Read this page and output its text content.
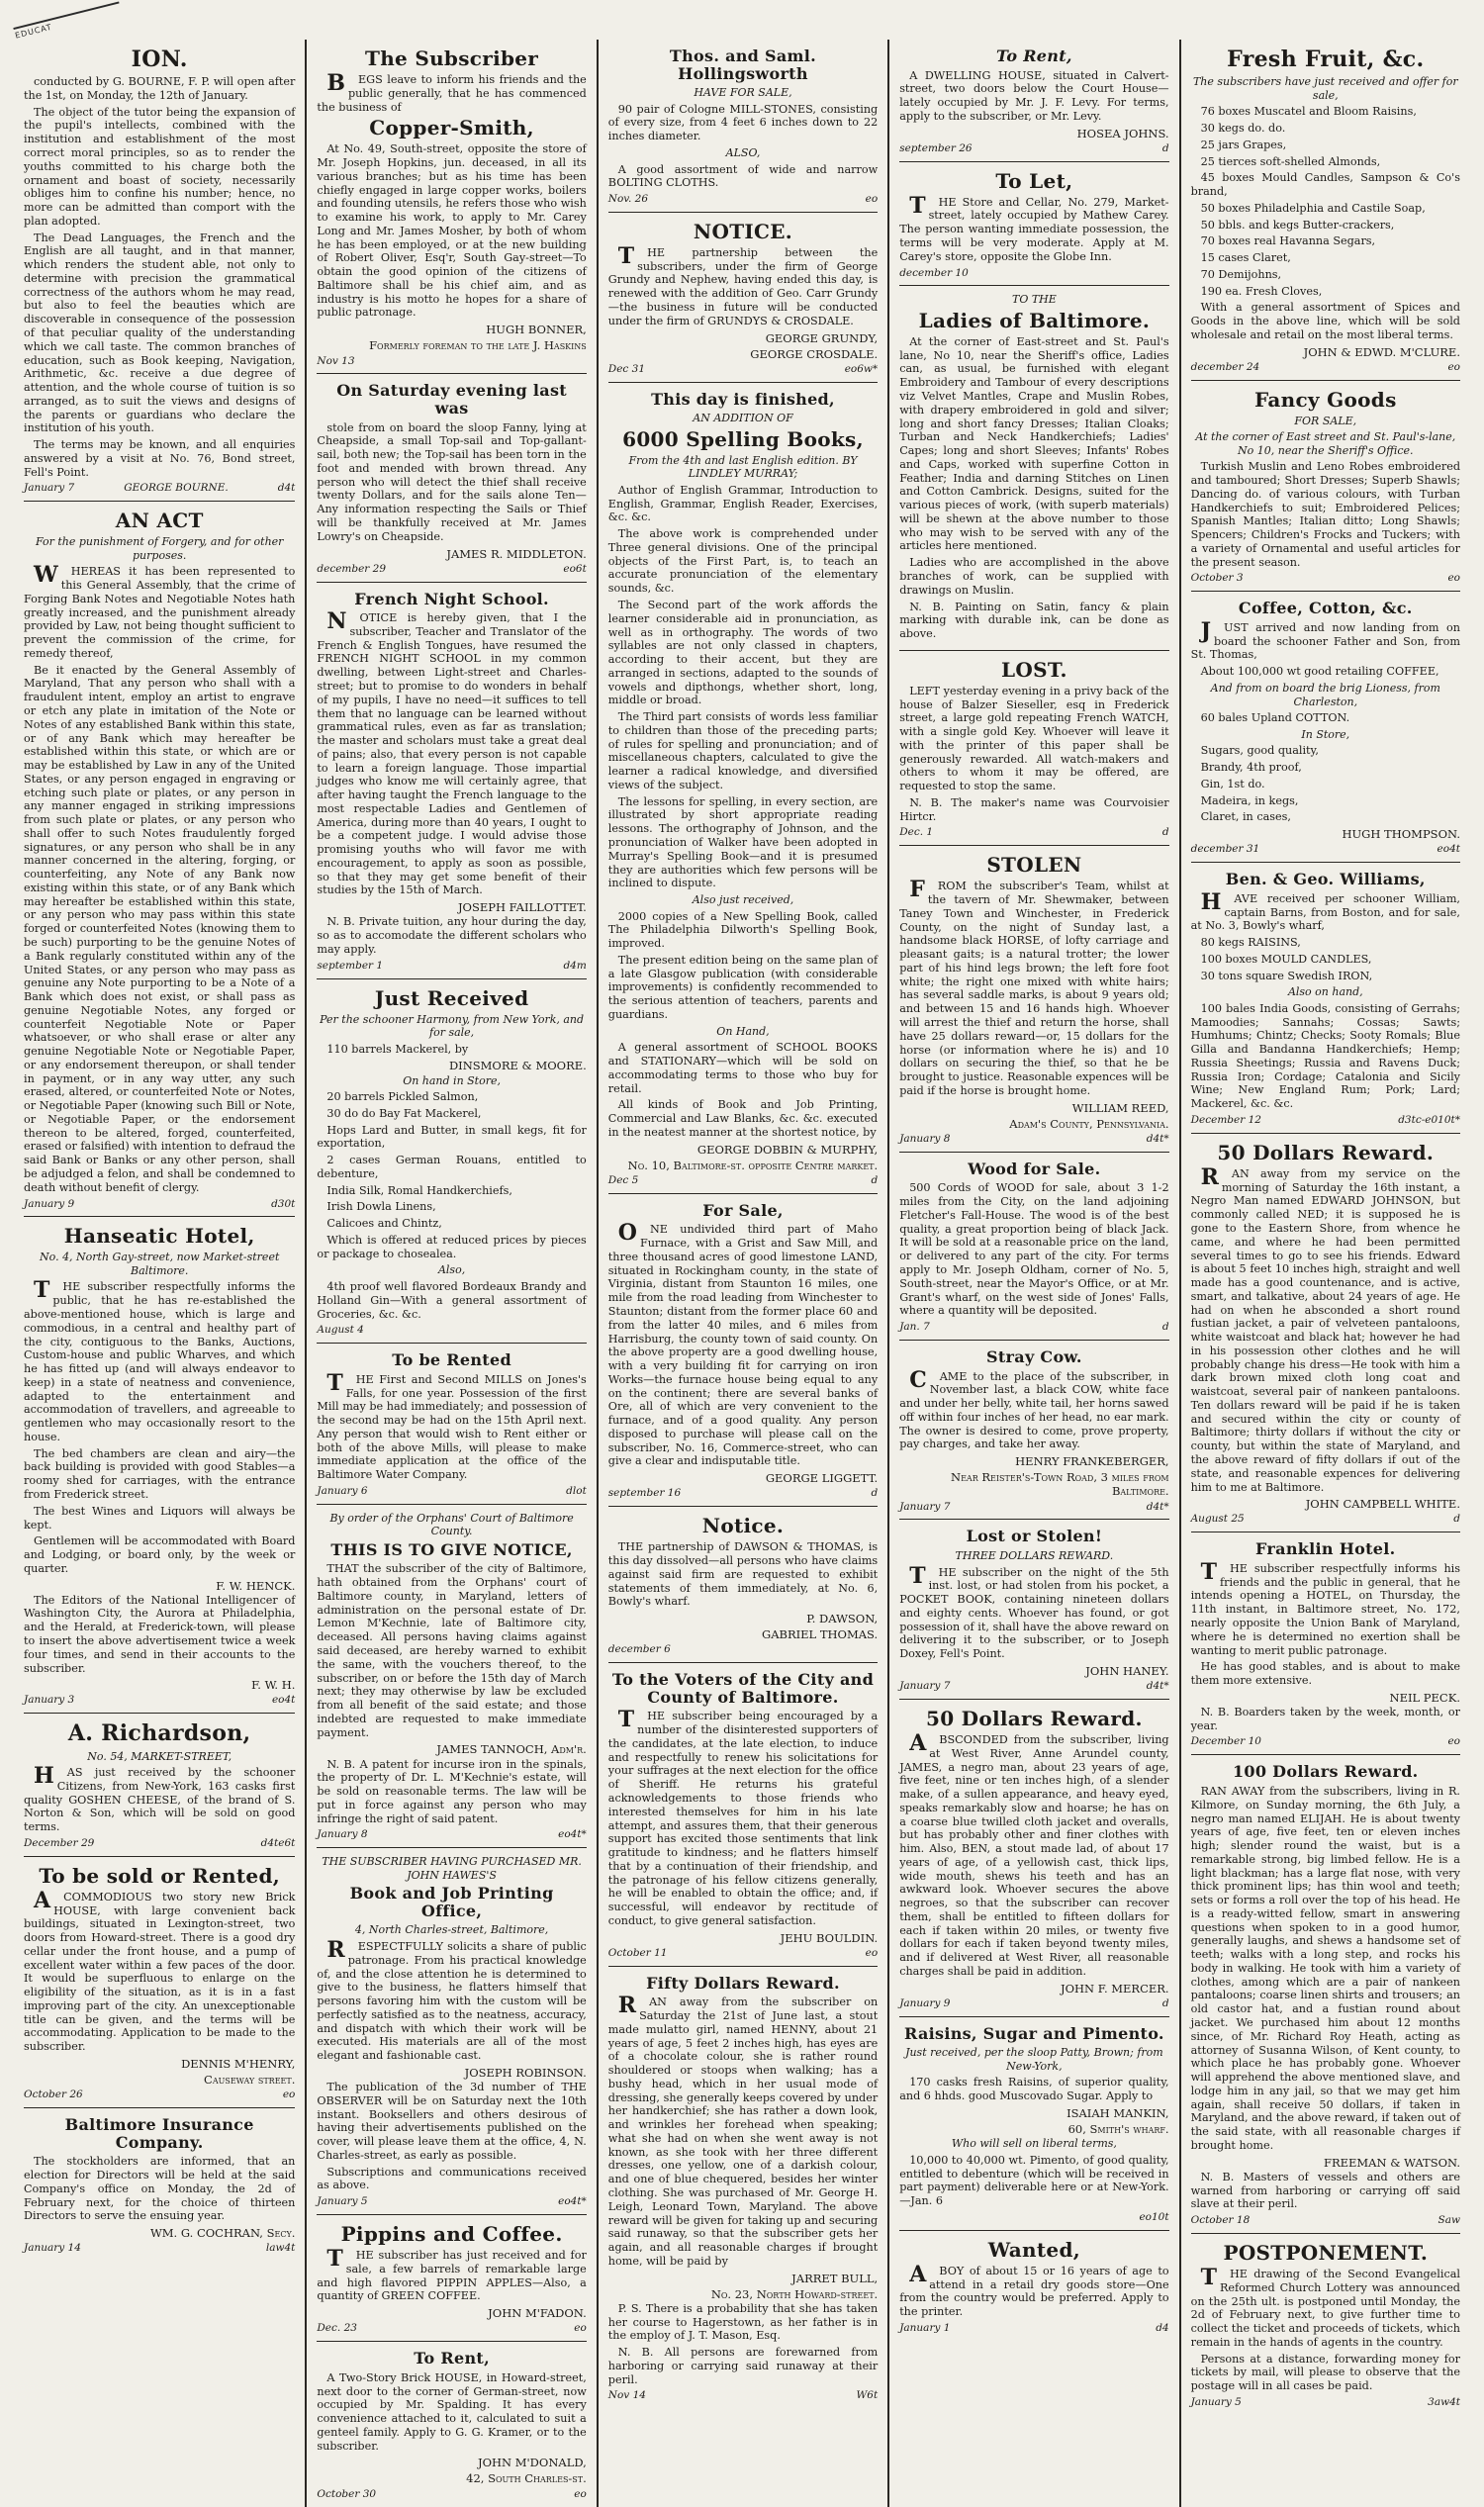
EDUCAT
ION.

conducted by G. BOURNE, F. P. will open after the 1st, on Monday, the 12th of January.

The object of the tutor being the expansion of the pupil's intellects, combined with the institution and establishment of the most correct moral principles, so as to render the youths committed to his charge both the ornament and boast of society, necessarily obliges him to confine his number; hence, no more can be admitted than comport with the plan adopted.

The Dead Languages, the French and the English are all taught, and in that manner, which renders the student able, not only to determine with precision the grammatical correctness of the authors whom he may read, but also to feel the beauties which are discoverable in consequence of the possession of that peculiar quality of the understanding which we call taste. The common branches of education, such as Book keeping, Navigation, Arithmetic, &c. receive a due degree of attention, and the whole course of tuition is so arranged, as to suit the views and designs of the parents or guardians who declare the institution of his youth.

The terms may be known, and all enquiries answered by a visit at No. 76, Bond street, Fell's Point.

January 7	GEORGE BOURNE.	d4t
AN ACT
For the punishment of Forgery, and for other purposes.

WHEREAS it has been represented to this General Assembly, that the crime of Forging Bank Notes and Negotiable Notes hath greatly increased, and the punishment already provided by Law, not being thought sufficient to prevent the commission of the crime, for remedy thereof,

Be it enacted by the General Assembly of Maryland, That any person who shall with a fraudulent intent, employ an artist to engrave or etch any plate in imitation of the Note or Notes of any established Bank within this state, or of any Bank which may hereafter be established within this state, or which are or may be established by Law in any of the United States, or any person engaged in engraving or etching such plate or plates, or any person in any manner engaged in striking impressions from such plate or plates, or any person who shall offer to such Notes fraudulently forged signatures, or any person who shall be in any manner concerned in the altering, forging, or counterfeiting, any Note of any Bank now existing within this state, or of any Bank which may hereafter be established within this state, or any person who may pass within this state forged or counterfeited Notes (knowing them to be such) purporting to be the genuine Notes of a Bank regularly constituted within any of the United States, or any person who may pass as genuine any Note purporting to be a Note of a Bank which does not exist, or shall pass as genuine Negotiable Notes, any forged or counterfeit Negotiable Note or Paper whatsoever, or who shall erase or alter any genuine Negotiable Note or Negotiable Paper, or any endorsement thereupon, or shall tender in payment, or in any way utter, any such erased, altered, or counterfeited Note or Notes, or Negotiable Paper (knowing such Bill or Note, or Negotiable Paper, or the endorsement thereon to be altered, forged, counterfeited, erased or falsified) with intention to defraud the said Bank or Banks or any other person, shall be adjudged a felon, and shall be condemned to death without benefit of clergy.

January 9	d30t
Hanseatic Hotel,
No. 4, North Gay-street, now Market-street Baltimore.

THE subscriber respectfully informs the public, that he has re-established the above-mentioned house, which is large and commodious, in a central and healthy part of the city, contiguous to the Banks, Auctions, Custom-house and public Wharves, and which he has fitted up (and will always endeavor to keep) in a state of neatness and convenience, adapted to the entertainment and accommodation of travellers, and agreeable to gentlemen who may occasionally resort to the house.

The bed chambers are clean and airy—the back building is provided with good Stables—a roomy shed for carriages, with the entrance from Frederick street.

The best Wines and Liquors will always be kept.

Gentlemen will be accommodated with Board and Lodging, or board only, by the week or quarter.

F. W. HENCK.

The Editors of the National Intelligencer of Washington City, the Aurora at Philadelphia, and the Herald, at Frederick-town, will please to insert the above advertisement twice a week four times, and send in their accounts to the subscriber.

F. W. H.
January 3	eo4t
A. Richardson,
No. 54, MARKET-STREET,

HAS just received by the schooner Citizens, from New-York, 163 casks first quality GOSHEN CHEESE, of the brand of S. Norton & Son, which will be sold on good terms.

December 29	d4te6t
To be sold or Rented,

ACOMMODIOUS two story new Brick HOUSE, with large convenient back buildings, situated in Lexington-street, two doors from Howard-street. There is a good dry cellar under the front house, and a pump of excellent water within a few paces of the door. It would be superfluous to enlarge on the eligibility of the situation, as it is in a fast improving part of the city. An unexceptionable title can be given, and the terms will be accommodating. Application to be made to the subscriber.

DENNIS M'HENRY,
Causeway street.
October 26	eo
Baltimore Insurance Company.

The stockholders are informed, that an election for Directors will be held at the said Company's office on Monday, the 2d of February next, for the choice of thirteen Directors to serve the ensuing year.

WM. G. COCHRAN, Secy.
January 14	law4t
The Subscriber

BEGS leave to inform his friends and the public generally, that he has commenced the business of

Copper-Smith,

At No. 49, South-street, opposite the store of Mr. Joseph Hopkins, jun. deceased, in all its various branches; but as his time has been chiefly engaged in large copper works, boilers and founding utensils, he refers those who wish to examine his work, to apply to Mr. Carey Long and Mr. James Mosher, by both of whom he has been employed, or at the new building of Robert Oliver, Esq'r, South Gay-street—To obtain the good opinion of the citizens of Baltimore shall be his chief aim, and as industry is his motto he hopes for a share of public patronage.

HUGH BONNER,
Formerly foreman to the late J. Haskins
Nov 13
On Saturday evening last was

stole from on board the sloop Fanny, lying at Cheapside, a small Top-sail and Top-gallant-sail, both new; the Top-sail has been torn in the foot and mended with brown thread. Any person who will detect the thief shall receive twenty Dollars, and for the sails alone Ten—Any information respecting the Sails or Thief will be thankfully received at Mr. James Lowry's on Cheapside.

JAMES R. MIDDLETON.
december 29	eo6t
French Night School.

NOTICE is hereby given, that I the subscriber, Teacher and Translator of the French & English Tongues, have resumed the FRENCH NIGHT SCHOOL in my common dwelling, between Light-street and Charles-street; but to promise to do wonders in behalf of my pupils, I have no need—it suffices to tell them that no language can be learned without grammatical rules, even as far as translation; the master and scholars must take a great deal of pains; also, that every person is not capable to learn a foreign language. Those impartial judges who know me will certainly agree, that after having taught the French language to the most respectable Ladies and Gentlemen of America, during more than 40 years, I ought to be a competent judge. I would advise those promising youths who will favor me with encouragement, to apply as soon as possible, so that they may get some benefit of their studies by the 15th of March.

JOSEPH FAILLOTTET.

N. B. Private tuition, any hour during the day, so as to accomodate the different scholars who may apply.

september 1	d4m
Just Received
Per the schooner Harmony, from New York, and for sale,

110 barrels Mackerel, by

DINSMORE & MOORE.
On hand in Store,

20 barrels Pickled Salmon,

30 do do Bay Fat Mackerel,

Hops Lard and Butter, in small kegs, fit for exportation,

2 cases German Rouans, entitled to debenture,

India Silk, Romal Handkerchiefs,

Irish Dowla Linens,

Calicoes and Chintz,

Which is offered at reduced prices by pieces or package to chosealea.

Also,

4th proof well flavored Bordeaux Brandy and Holland Gin—With a general assortment of Groceries, &c. &c.

August 4
To be Rented

THE First and Second MILLS on Jones's Falls, for one year. Possession of the first Mill may be had immediately; and possession of the second may be had on the 15th April next. Any person that would wish to Rent either or both of the above Mills, will please to make immediate application at the office of the Baltimore Water Company.

January 6	dlot
By order of the Orphans' Court of Baltimore County.
THIS IS TO GIVE NOTICE,

THAT the subscriber of the city of Baltimore, hath obtained from the Orphans' court of Baltimore county, in Maryland, letters of administration on the personal estate of Dr. Lemon M'Kechnie, late of Baltimore city, deceased. All persons having claims against said deceased, are hereby warned to exhibit the same, with the vouchers thereof, to the subscriber, on or before the 15th day of March next; they may otherwise by law be excluded from all benefit of the said estate; and those indebted are requested to make immediate payment.

JAMES TANNOCH, Adm'r.

N. B. A patent for incurse iron in the spinals, the property of Dr. L. M'Kechnie's estate, will be sold on reasonable terms. The law will be put in force against any person who may infringe the right of said patent.

January 8	eo4t*
THE SUBSCRIBER HAVING PURCHASED MR. JOHN HAWES'S
Book and Job Printing Office,
4, North Charles-street, Baltimore,

RESPECTFULLY solicits a share of public patronage. From his practical knowledge of, and the close attention he is determined to give to the business, he flatters himself that persons favoring him with the custom will be perfectly satisfied as to the neatness, accuracy, and dispatch with which their work will be executed. His materials are all of the most elegant and fashionable cast.

JOSEPH ROBINSON.

The publication of the 3d number of THE OBSERVER will be on Saturday next the 10th instant. Booksellers and others desirous of having their advertisements published on the cover, will please leave them at the office, 4, N. Charles-street, as early as possible.

Subscriptions and communications received as above.

January 5	eo4t*
Pippins and Coffee.

THE subscriber has just received and for sale, a few barrels of remarkable large and high flavored PIPPIN APPLES—Also, a quantity of GREEN COFFEE.

JOHN M'FADON.
Dec. 23	eo
To Rent,

A Two-Story Brick HOUSE, in Howard-street, next door to the corner of German-street, now occupied by Mr. Spalding. It has every convenience attached to it, calculated to suit a genteel family. Apply to G. G. Kramer, or to the subscriber.

JOHN M'DONALD,
42, South Charles-st.
October 30	eo
Thos. and Saml. Hollingsworth
HAVE FOR SALE,

90 pair of Cologne MILL-STONES, consisting of every size, from 4 feet 6 inches down to 22 inches diameter.

ALSO,

A good assortment of wide and narrow BOLTING CLOTHS.

Nov. 26	eo
NOTICE.

THE partnership between the subscribers, under the firm of George Grundy and Nephew, having ended this day, is renewed with the addition of Geo. Carr Grundy—the business in future will be conducted under the firm of GRUNDYS & CROSDALE.

GEORGE GRUNDY,
GEORGE CROSDALE.
Dec 31	eo6w*
This day is finished,
AN ADDITION OF
6000 Spelling Books,
From the 4th and last English edition. BY LINDLEY MURRAY;

Author of English Grammar, Introduction to English, Grammar, English Reader, Exercises, &c. &c.

The above work is comprehended under Three general divisions. One of the principal objects of the First Part, is, to teach an accurate pronunciation of the elementary sounds, &c.

The Second part of the work affords the learner considerable aid in pronunciation, as well as in orthography. The words of two syllables are not only classed in chapters, according to their accent, but they are arranged in sections, adapted to the sounds of vowels and dipthongs, whether short, long, middle or broad.

The Third part consists of words less familiar to children than those of the preceding parts; of rules for spelling and pronunciation; and of miscellaneous chapters, calculated to give the learner a radical knowledge, and diversified views of the subject.

The lessons for spelling, in every section, are illustrated by short appropriate reading lessons. The orthography of Johnson, and the pronunciation of Walker have been adopted in Murray's Spelling Book—and it is presumed they are authorities which few persons will be inclined to dispute.

Also just received,

2000 copies of a New Spelling Book, called The Philadelphia Dilworth's Spelling Book, improved.

The present edition being on the same plan of a late Glasgow publication (with considerable improvements) is confidently recommended to the serious attention of teachers, parents and guardians.

On Hand,

A general assortment of SCHOOL BOOKS and STATIONARY—which will be sold on accommodating terms to those who buy for retail.

All kinds of Book and Job Printing, Commercial and Law Blanks, &c. &c. executed in the neatest manner at the shortest notice, by

GEORGE DOBBIN & MURPHY,
No. 10, Baltimore-st. opposite Centre market.
Dec 5	d
For Sale,

ONE undivided third part of Maho Furnace, with a Grist and Saw Mill, and three thousand acres of good limestone LAND, situated in Rockingham county, in the state of Virginia, distant from Staunton 16 miles, one mile from the road leading from Winchester to Staunton; distant from the former place 60 and from the latter 40 miles, and 6 miles from Harrisburg, the county town of said county. On the above property are a good dwelling house, with a very building fit for carrying on iron Works—the furnace house being equal to any on the continent; there are several banks of Ore, all of which are very convenient to the furnace, and of a good quality. Any person disposed to purchase will please call on the subscriber, No. 16, Commerce-street, who can give a clear and indisputable title.

GEORGE LIGGETT.
september 16	d
Notice.

THE partnership of DAWSON & THOMAS, is this day dissolved—all persons who have claims against said firm are requested to exhibit statements of them immediately, at No. 6, Bowly's wharf.

P. DAWSON,
GABRIEL THOMAS.
december 6
To the Voters of the City and County of Baltimore.

THE subscriber being encouraged by a number of the disinterested supporters of the candidates, at the late election, to induce and respectfully to renew his solicitations for your suffrages at the next election for the office of Sheriff. He returns his grateful acknowledgements to those friends who interested themselves for him in his late attempt, and assures them, that their generous support has excited those sentiments that link gratitude to kindness; and he flatters himself that by a continuation of their friendship, and the patronage of his fellow citizens generally, he will be enabled to obtain the office; and, if successful, will endeavor by rectitude of conduct, to give general satisfaction.

JEHU BOULDIN.
October 11	eo
Fifty Dollars Reward.

RAN away from the subscriber on Saturday the 21st of June last, a stout made mulatto girl, named HENNY, about 21 years of age, 5 feet 2 inches high, has eyes are of a chocolate colour, she is rather round shouldered or stoops when walking; has a bushy head, which in her usual mode of dressing, she generally keeps covered by under her handkerchief; she has rather a down look, and wrinkles her forehead when speaking; what she had on when she went away is not known, as she took with her three different dresses, one yellow, one of a darkish colour, and one of blue chequered, besides her winter clothing. She was purchased of Mr. George H. Leigh, Leonard Town, Maryland. The above reward will be given for taking up and securing said runaway, so that the subscriber gets her again, and all reasonable charges if brought home, will be paid by

JARRET BULL,
No. 23, North Howard-street.

P. S. There is a probability that she has taken her course to Hagerstown, as her father is in the employ of J. T. Mason, Esq.

N. B. All persons are forewarned from harboring or carrying said runaway at their peril.

Nov 14	W6t
To Rent,

A DWELLING HOUSE, situated in Calvert-street, two doors below the Court House—lately occupied by Mr. J. F. Levy. For terms, apply to the subscriber, or Mr. Levy.

HOSEA JOHNS.
september 26	d
To Let,

THE Store and Cellar, No. 279, Market-street, lately occupied by Mathew Carey. The person wanting immediate possession, the terms will be very moderate. Apply at M. Carey's store, opposite the Globe Inn.

december 10
TO THE
Ladies of Baltimore.

At the corner of East-street and St. Paul's lane, No 10, near the Sheriff's office, Ladies can, as usual, be furnished with elegant Embroidery and Tambour of every descriptions viz Velvet Mantles, Crape and Muslin Robes, with drapery embroidered in gold and silver; long and short fancy Dresses; Italian Cloaks; Turban and Neck Handkerchiefs; Ladies' Capes; long and short Sleeves; Infants' Robes and Caps, worked with superfine Cotton in Feather; India and darning Stitches on Linen and Cotton Cambrick. Designs, suited for the various pieces of work, (with superb materials) will be shewn at the above number to those who may wish to be served with any of the articles here mentioned.

Ladies who are accomplished in the above branches of work, can be supplied with drawings on Muslin.

N. B. Painting on Satin, fancy & plain marking with durable ink, can be done as above.

LOST.

LEFT yesterday evening in a privy back of the house of Balzer Sieseller, esq in Frederick street, a large gold repeating French WATCH, with a single gold Key. Whoever will leave it with the printer of this paper shall be generously rewarded. All watch-makers and others to whom it may be offered, are requested to stop the same.

N. B. The maker's name was Courvoisier Hirtcr.

Dec. 1	d
STOLEN

FROM the subscriber's Team, whilst at the tavern of Mr. Shewmaker, between Taney Town and Winchester, in Frederick County, on the night of Sunday last, a handsome black HORSE, of lofty carriage and pleasant gaits; is a natural trotter; the lower part of his hind legs brown; the left fore foot white; the right one mixed with white hairs; has several saddle marks, is about 9 years old; and between 15 and 16 hands high. Whoever will arrest the thief and return the horse, shall have 25 dollars reward—or, 15 dollars for the horse (or information where he is) and 10 dollars on securing the thief, so that he be brought to justice. Reasonable expences will be paid if the horse is brought home.

WILLIAM REED,
Adam's County, Pennsylvania.
January 8	d4t*
Wood for Sale.

500 Cords of WOOD for sale, about 3 1-2 miles from the City, on the land adjoining Fletcher's Fall-House. The wood is of the best quality, a great proportion being of black Jack. It will be sold at a reasonable price on the land, or delivered to any part of the city. For terms apply to Mr. Joseph Oldham, corner of No. 5, South-street, near the Mayor's Office, or at Mr. Grant's wharf, on the west side of Jones' Falls, where a quantity will be deposited.

Jan. 7	d
Stray Cow.

CAME to the place of the subscriber, in November last, a black COW, white face and under her belly, white tail, her horns sawed off within four inches of her head, no ear mark. The owner is desired to come, prove property, pay charges, and take her away.

HENRY FRANKEBERGER,
Near Reister's-Town Road, 3 miles from Baltimore.
January 7	d4t*
Lost or Stolen!
THREE DOLLARS REWARD.

THE subscriber on the night of the 5th inst. lost, or had stolen from his pocket, a POCKET BOOK, containing nineteen dollars and eighty cents. Whoever has found, or got possession of it, shall have the above reward on delivering it to the subscriber, or to Joseph Doxey, Fell's Point.

JOHN HANEY.
January 7	d4t*
50 Dollars Reward.

ABSCONDED from the subscriber, living at West River, Anne Arundel county, JAMES, a negro man, about 23 years of age, five feet, nine or ten inches high, of a slender make, of a sullen appearance, and heavy eyed, speaks remarkably slow and hoarse; he has on a coarse blue twilled cloth jacket and overalls, but has probably other and finer clothes with him. Also, BEN, a stout made lad, of about 17 years of age, of a yellowish cast, thick lips, wide mouth, shews his teeth and has an awkward look. Whoever secures the above negroes, so that the subscriber can recover them, shall be entitled to fifteen dollars for each if taken within 20 miles, or twenty five dollars for each if taken beyond twenty miles, and if delivered at West River, all reasonable charges shall be paid in addition.

JOHN F. MERCER.
January 9	d
Raisins, Sugar and Pimento.
Just received, per the sloop Patty, Brown; from New-York,

170 casks fresh Raisins, of superior quality, and 6 hhds. good Muscovado Sugar. Apply to

ISAIAH MANKIN,
60, Smith's wharf.
Who will sell on liberal terms,

10,000 to 40,000 wt. Pimento, of good quality, entitled to debenture (which will be received in part payment) deliverable here or at New-York.—Jan. 6

eo10t
Wanted,

ABOY of about 15 or 16 years of age to attend in a retail dry goods store—One from the country would be preferred. Apply to the printer.

January 1	d4
Fresh Fruit, &c.
The subscribers have just received and offer for sale,

76 boxes Muscatel and Bloom Raisins,

30 kegs do. do.

25 jars Grapes,

25 tierces soft-shelled Almonds,

45 boxes Mould Candles, Sampson & Co's brand,

50 boxes Philadelphia and Castile Soap,

50 bbls. and kegs Butter-crackers,

70 boxes real Havanna Segars,

15 cases Claret,

70 Demijohns,

190 ea. Fresh Cloves,

With a general assortment of Spices and Goods in the above line, which will be sold wholesale and retail on the most liberal terms.

JOHN & EDWD. M'CLURE.
december 24	eo
Fancy Goods
FOR SALE,
At the corner of East street and St. Paul's-lane, No 10, near the Sheriff's Office.

Turkish Muslin and Leno Robes embroidered and tamboured; Short Dresses; Superb Shawls; Dancing do. of various colours, with Turban Handkerchiefs to suit; Embroidered Pelices; Spanish Mantles; Italian ditto; Long Shawls; Spencers; Children's Frocks and Tuckers; with a variety of Ornamental and useful articles for the present season.

October 3	eo
Coffee, Cotton, &c.

JUST arrived and now landing from on board the schooner Father and Son, from St. Thomas,

About 100,000 wt good retailing COFFEE,

And from on board the brig Lioness, from Charleston,

60 bales Upland COTTON.

In Store,

Sugars, good quality,

Brandy, 4th proof,

Gin, 1st do.

Madeira, in kegs,

Claret, in cases,

HUGH THOMPSON.
december 31	eo4t
Ben. & Geo. Williams,

HAVE received per schooner William, captain Barns, from Boston, and for sale, at No. 3, Bowly's wharf,

80 kegs RAISINS,

100 boxes MOULD CANDLES,

30 tons square Swedish IRON,

Also on hand,

100 bales India Goods, consisting of Gerrahs; Mamoodies; Sannahs; Cossas; Sawts; Humhums; Chintz; Checks; Sooty Romals; Blue Gilla and Bandanna Handkerchiefs; Hemp; Russia Sheetings; Russia and Ravens Duck; Russia Iron; Cordage; Catalonia and Sicily Wine; New England Rum; Pork; Lard; Mackerel, &c. &c.

December 12	d3tc-e010t*
50 Dollars Reward.

RAN away from my service on the morning of Saturday the 16th instant, a Negro Man named EDWARD JOHNSON, but commonly called NED; it is supposed he is gone to the Eastern Shore, from whence he came, and where he had been permitted several times to go to see his friends. Edward is about 5 feet 10 inches high, straight and well made has a good countenance, and is active, smart, and talkative, about 24 years of age. He had on when he absconded a short round fustian jacket, a pair of velveteen pantaloons, white waistcoat and black hat; however he had in his possession other clothes and he will probably change his dress—He took with him a dark brown mixed cloth long coat and waistcoat, several pair of nankeen pantaloons. Ten dollars reward will be paid if he is taken and secured within the city or county of Baltimore; thirty dollars if without the city or county, but within the state of Maryland, and the above reward of fifty dollars if out of the state, and reasonable expences for delivering him to me at Baltimore.

JOHN CAMPBELL WHITE.
August 25	d
Franklin Hotel.

THE subscriber respectfully informs his friends and the public in general, that he intends opening a HOTEL, on Thursday, the 11th instant, in Baltimore street, No. 172, nearly opposite the Union Bank of Maryland, where he is determined no exertion shall be wanting to merit public patronage.

He has good stables, and is about to make them more extensive.

NEIL PECK.

N. B. Boarders taken by the week, month, or year.

December 10	eo
100 Dollars Reward.

RAN AWAY from the subscribers, living in R. Kilmore, on Sunday morning, the 6th July, a negro man named ELIJAH. He is about twenty years of age, five feet, ten or eleven inches high; slender round the waist, but is a remarkable strong, big limbed fellow. He is a light blackman; has a large flat nose, with very thick prominent lips; has thin wool and teeth; sets or forms a roll over the top of his head. He is a ready-witted fellow, smart in answering questions when spoken to in a good humor, generally laughs, and shews a handsome set of teeth; walks with a long step, and rocks his body in walking. He took with him a variety of clothes, among which are a pair of nankeen pantaloons; coarse linen shirts and trousers; an old castor hat, and a fustian round about jacket. We purchased him about 12 months since, of Mr. Richard Roy Heath, acting as attorney of Susanna Wilson, of Kent county, to which place he has probably gone. Whoever will apprehend the above mentioned slave, and lodge him in any jail, so that we may get him again, shall receive 50 dollars, if taken in Maryland, and the above reward, if taken out of the said state, with all reasonable charges if brought home.

FREEMAN & WATSON.

N. B. Masters of vessels and others are warned from harboring or carrying off said slave at their peril.

October 18	Saw
POSTPONEMENT.

THE drawing of the Second Evangelical Reformed Church Lottery was announced on the 25th ult. is postponed until Monday, the 2d of February next, to give further time to collect the ticket and proceeds of tickets, which remain in the hands of agents in the country.

Persons at a distance, forwarding money for tickets by mail, will please to observe that the postage will in all cases be paid.

January 5	3aw4t
